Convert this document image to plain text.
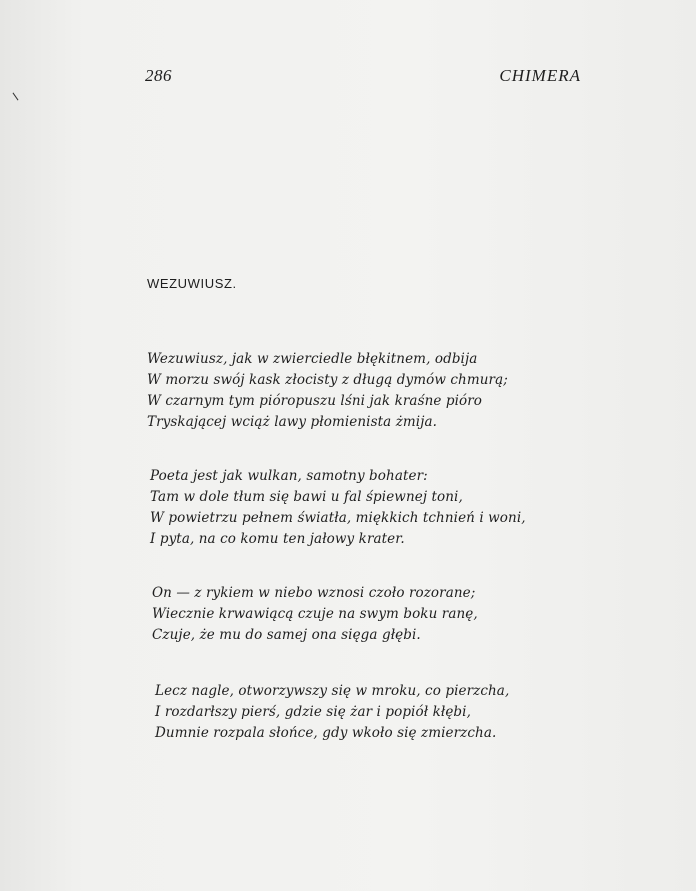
286	CHIMERA
WEZUWIUSZ.
Wezuwiusz, jak w zwierciedle błękitnem, odbija
W morzu swój kask złocisty z długą dymów chmurą;
W czarnym tym pióropuszu lśni jak kraśne pióro
Tryskającej wciąż lawy płomienista żmija.
Poeta jest jak wulkan, samotny bohater:
Tam w dole tłum się bawi u fal śpiewnej toni,
W powietrzu pełnem światła, miękkich tchnień i woni,
I pyta, na co komu ten jałowy krater.
On — z rykiem w niebo wznosi czoło rozorane;
Wiecznie krwawiącą czuje na swym boku ranę,
Czuje, że mu do samej ona sięga głębi.
Lecz nagle, otworzywszy się w mroku, co pierzcha,
I rozdarłszy pierś, gdzie się żar i popiół kłębi,
Dumnie rozpala słońce, gdy wkoło się zmierzcha.
